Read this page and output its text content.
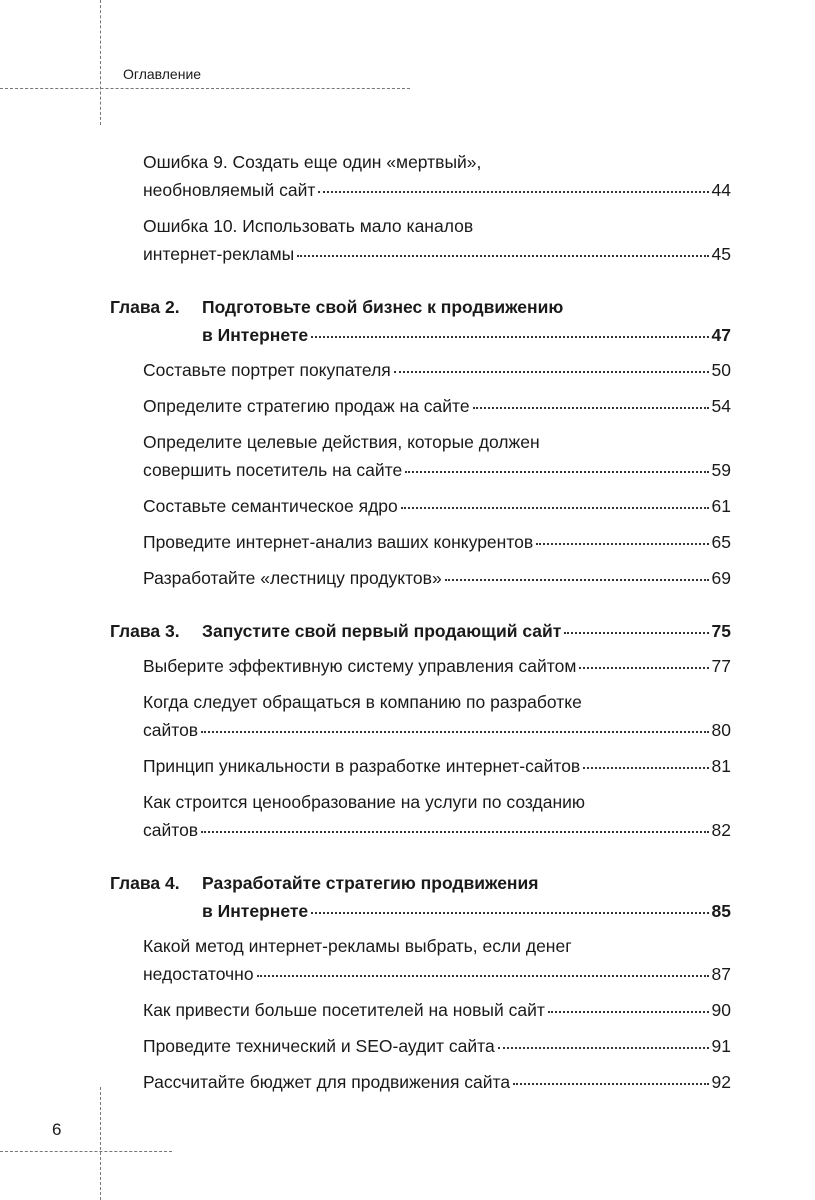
Оглавление
6
Ошибка 9. Создать еще один «мертвый»,
необновляемый сайт	44
Ошибка 10. Использовать мало каналов
интернет-рекламы	45
Глава 2.	Подготовьте свой бизнес к продвижению
в Интернете	47
Составьте портрет покупателя	50
Определите стратегию продаж на сайте	54
Определите целевые действия, которые должен
совершить посетитель на сайте	59
Составьте семантическое ядро	61
Проведите интернет-анализ ваших конкурентов	65
Разработайте «лестницу продуктов»	69
Глава 3.	Запустите свой первый продающий сайт	75
Выберите эффективную систему управления сайтом	77
Когда следует обращаться в компанию по разработке
сайтов	80
Принцип уникальности в разработке интернет-сайтов	81
Как строится ценообразование на услуги по созданию
сайтов	82
Глава 4.	Разработайте стратегию продвижения
в Интернете	85
Какой метод интернет-рекламы выбрать, если денег
недостаточно	87
Как привести больше посетителей на новый сайт	90
Проведите технический и SEO-аудит сайта	91
Рассчитайте бюджет для продвижения сайта	92
